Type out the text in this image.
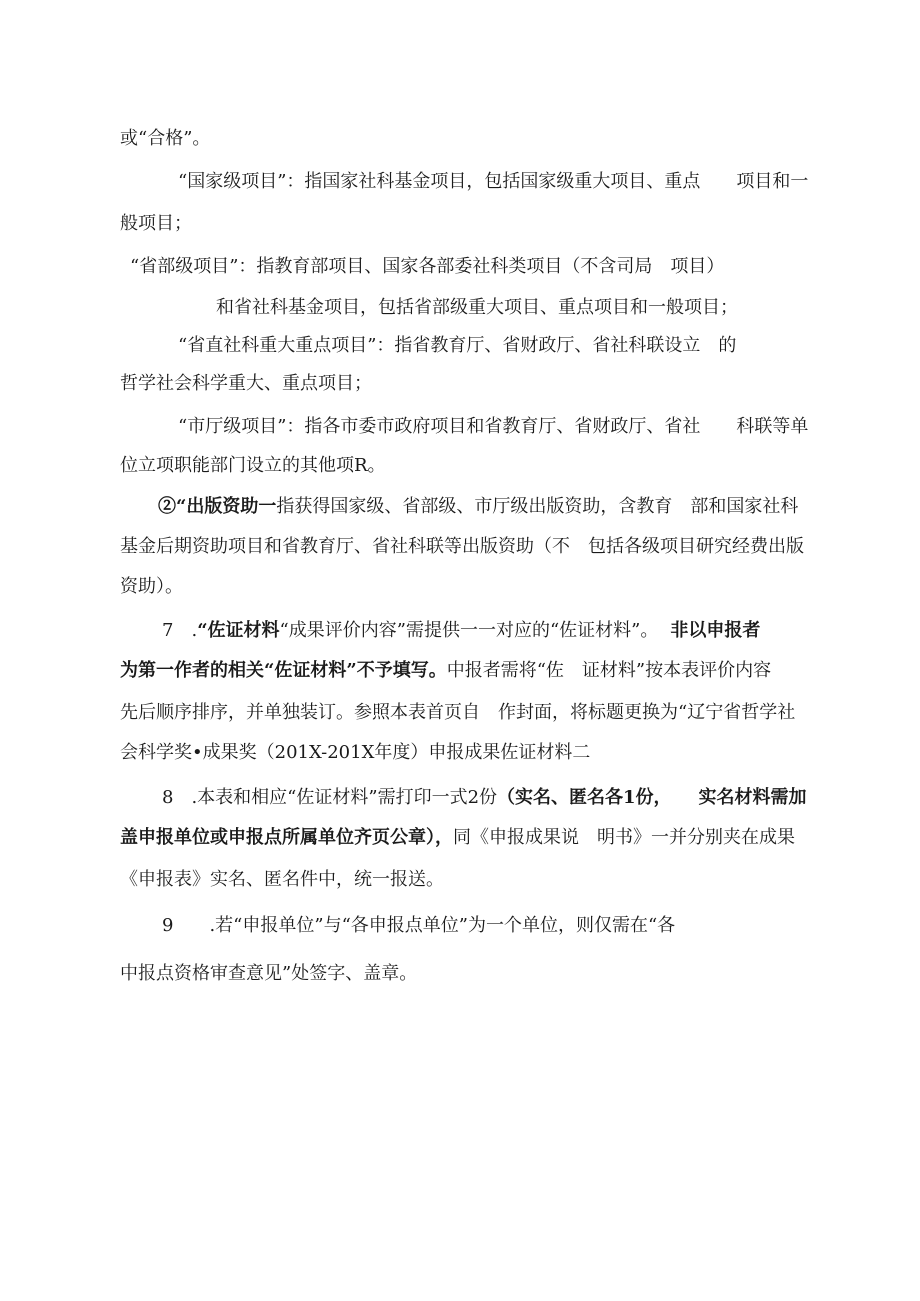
或“合格”。
“国家级项目”：指国家社科基金项目，包括国家级重大项目、重点　　项目和一
般项目；
“省部级项目”：指教育部项目、国家各部委社科类项目（不含司局　项目）
和省社科基金项目，包括省部级重大项目、重点项目和一般项目；
“省直社科重大重点项目”：指省教育厅、省财政厅、省社科联设立　的
哲学社会科学重大、重点项目；
“市厅级项目”：指各市委市政府项目和省教育厅、省财政厅、省社　　科联等单
位立项职能部门设立的其他项R。
②“出版资助一指获得国家级、省部级、市厅级出版资助，含教育　部和国家社科
基金后期资助项目和省教育厅、省社科联等出版资助（不　包括各级项目研究经费出版
资助）。
7　.“佐证材料“成果评价内容”需提供一一对应的“佐证材料”。 非以申报者
为第一作者的相关“佐证材料”不予填写。中报者需将“佐　证材料”按本表评价内容
先后顺序排序，并单独装订。参照本表首页自　作封面，将标题更换为“辽宁省哲学社
会科学奖•成果奖（201X-201X年度）申报成果佐证材料二
8　.本表和相应“佐证材料”需打印一式2份（实名、匿名各1份，　　实名材料需加
盖申报单位或申报点所属单位齐页公章），同《申报成果说　明书》一并分别夹在成果
《申报表》实名、匿名件中，统一报送。
9　　.若“申报单位”与“各申报点单位”为一个单位，则仅需在“各
中报点资格审查意见”处签字、盖章。
